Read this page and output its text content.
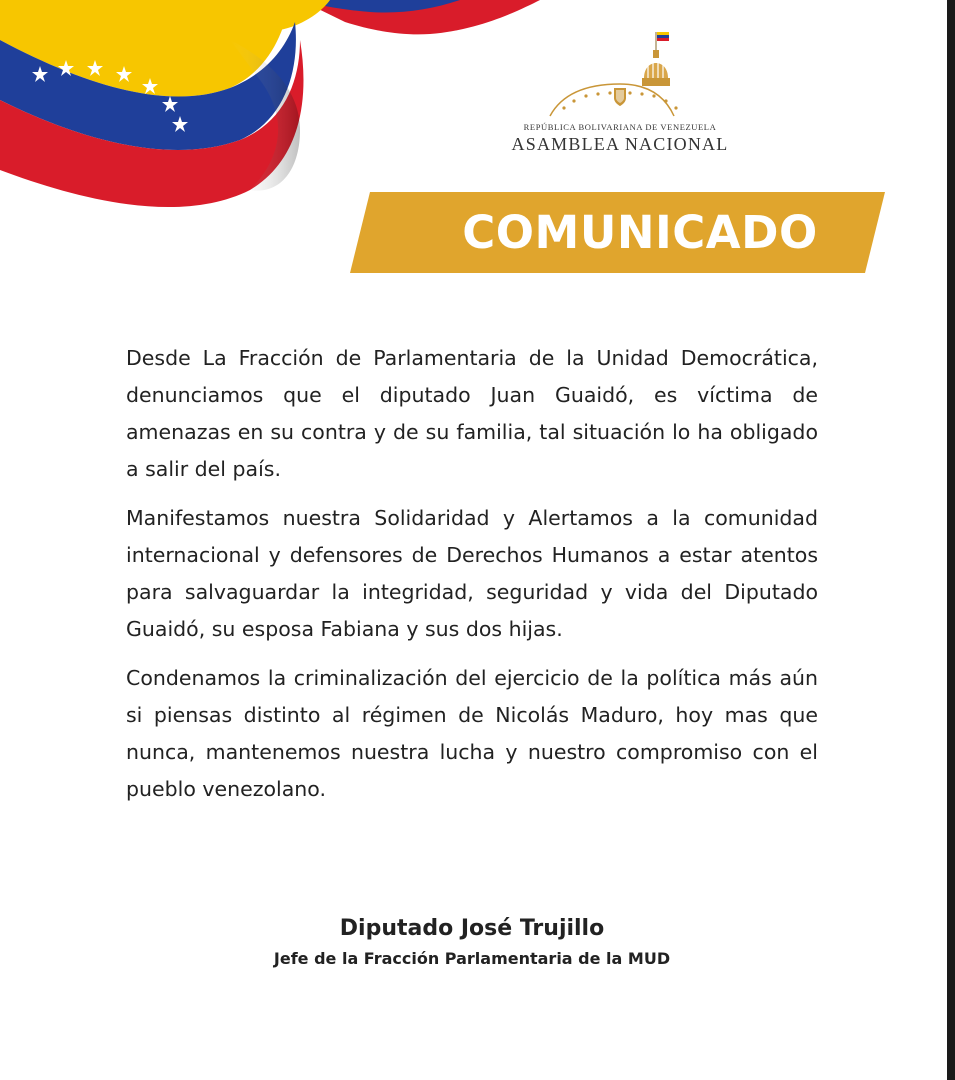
REPÚBLICA BOLIVARIANA DE VENEZUELA
ASAMBLEA NACIONAL
COMUNICADO

Desde La Fracción de Parlamentaria de la Unidad Democrática, denunciamos que el diputado Juan Guaidó, es víctima de amenazas en su contra y de su familia, tal situación lo ha obligado a salir del país.

Manifestamos nuestra Solidaridad y Alertamos a la comunidad internacional y defensores de Derechos Humanos a estar atentos para salvaguardar la integridad, seguridad y vida del Diputado Guaidó, su esposa Fabiana y sus dos hijas.

Condenamos la criminalización del ejercicio de la política más aún si piensas distinto al régimen de Nicolás Maduro, hoy mas que nunca, mantenemos nuestra lucha y nuestro compromiso con el pueblo venezolano.

Diputado José Trujillo
Jefe de la Fracción Parlamentaria de la MUD
